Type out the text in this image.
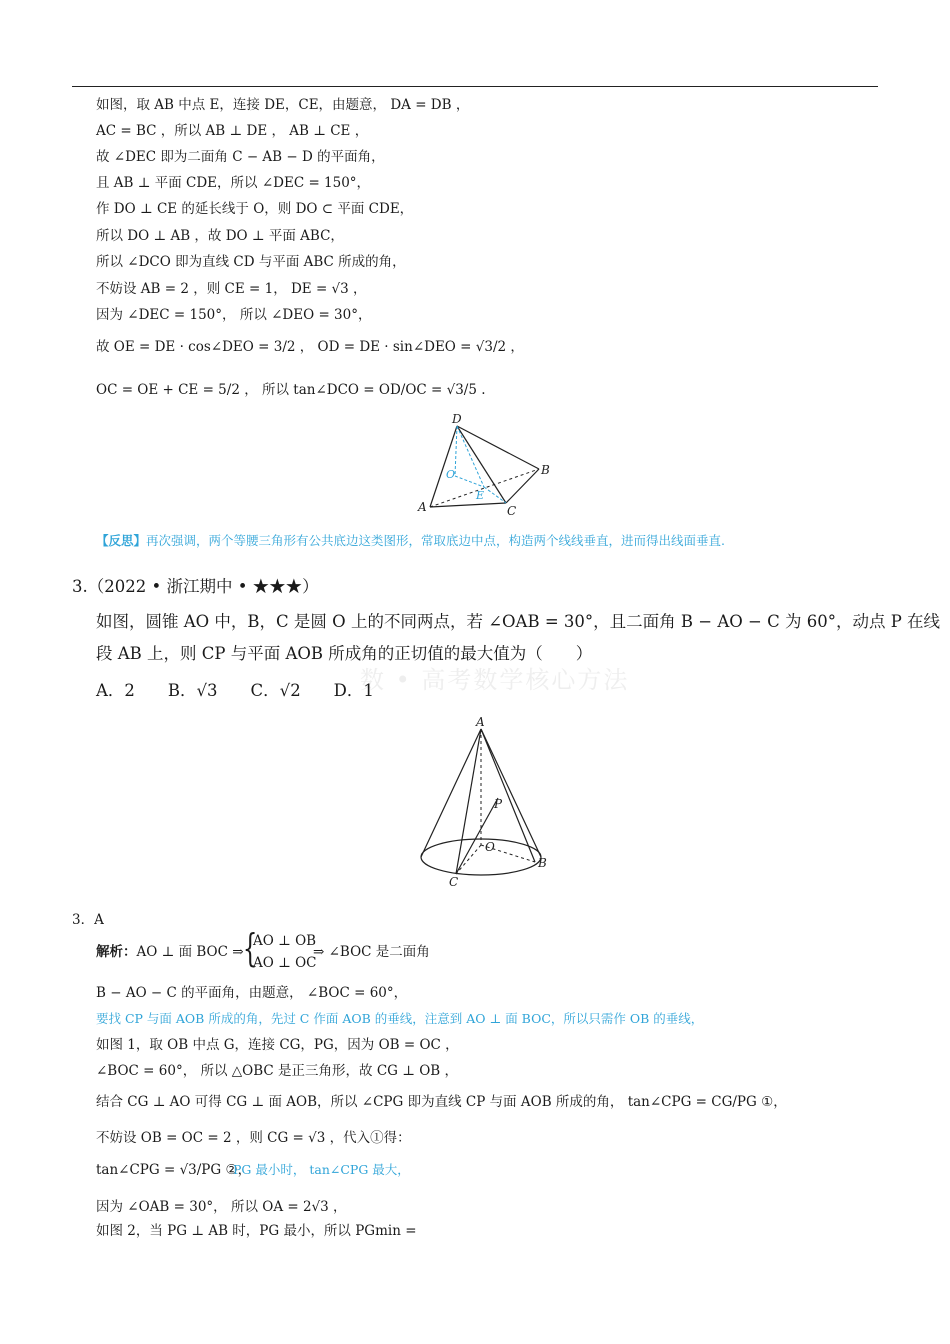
如图，取 AB 中点 E，连接 DE，CE，由题意， DA = DB ，
AC = BC ，所以 AB ⊥ DE ， AB ⊥ CE ，
故 ∠DEC 即为二面角 C − AB − D 的平面角，
且 AB ⊥ 平面 CDE，所以 ∠DEC = 150°，
作 DO ⊥ CE 的延长线于 O，则 DO ⊂ 平面 CDE，
所以 DO ⊥ AB ，故 DO ⊥ 平面 ABC，
所以 ∠DCO 即为直线 CD 与平面 ABC 所成的角，
不妨设 AB = 2 ，则 CE = 1， DE = √3 ，
因为 ∠DEC = 150°， 所以 ∠DEO = 30°，
故 OE = DE · cos∠DEO = 3/2 ， OD = DE · sin∠DEO = √3/2 ，
OC = OE + CE = 5/2 ， 所以 tan∠DCO = OD/OC = √3/5 .
D
O
E
A
B
C
【反思】再次强调，两个等腰三角形有公共底边这类图形，常取底边中点，构造两个线线垂直，进而得出线面垂直.
3.（2022 • 浙江期中 • ★★★）
如图，圆锥 AO 中，B，C 是圆 O 上的不同两点，若 ∠OAB = 30°，且二面角 B − AO − C 为 60°，动点 P 在线
段 AB 上，则 CP 与平面 AOB 所成角的正切值的最大值为（　　）
数 • 高考数学核心方法
A．2　　B．√3　　C．√2　　D．1
A
P
O
B
C
3．A
解析：AO ⊥ 面 BOC ⇒ {
AO ⊥ OB
AO ⊥ OC
⇒ ∠BOC 是二面角
B − AO − C 的平面角，由题意， ∠BOC = 60°，
要找 CP 与面 AOB 所成的角，先过 C 作面 AOB 的垂线，注意到 AO ⊥ 面 BOC，所以只需作 OB 的垂线，
如图 1，取 OB 中点 G，连接 CG，PG，因为 OB = OC ，
∠BOC = 60°， 所以 △OBC 是正三角形，故 CG ⊥ OB ，
结合 CG ⊥ AO 可得 CG ⊥ 面 AOB，所以 ∠CPG 即为直线 CP 与面 AOB 所成的角， tan∠CPG = CG/PG ①，
不妨设 OB = OC = 2 ，则 CG = √3 ，代入①得：
tan∠CPG = √3/PG ②，
PG 最小时， tan∠CPG 最大，
因为 ∠OAB = 30°， 所以 OA = 2√3 ，
如图 2，当 PG ⊥ AB 时，PG 最小，所以 PGmin =
